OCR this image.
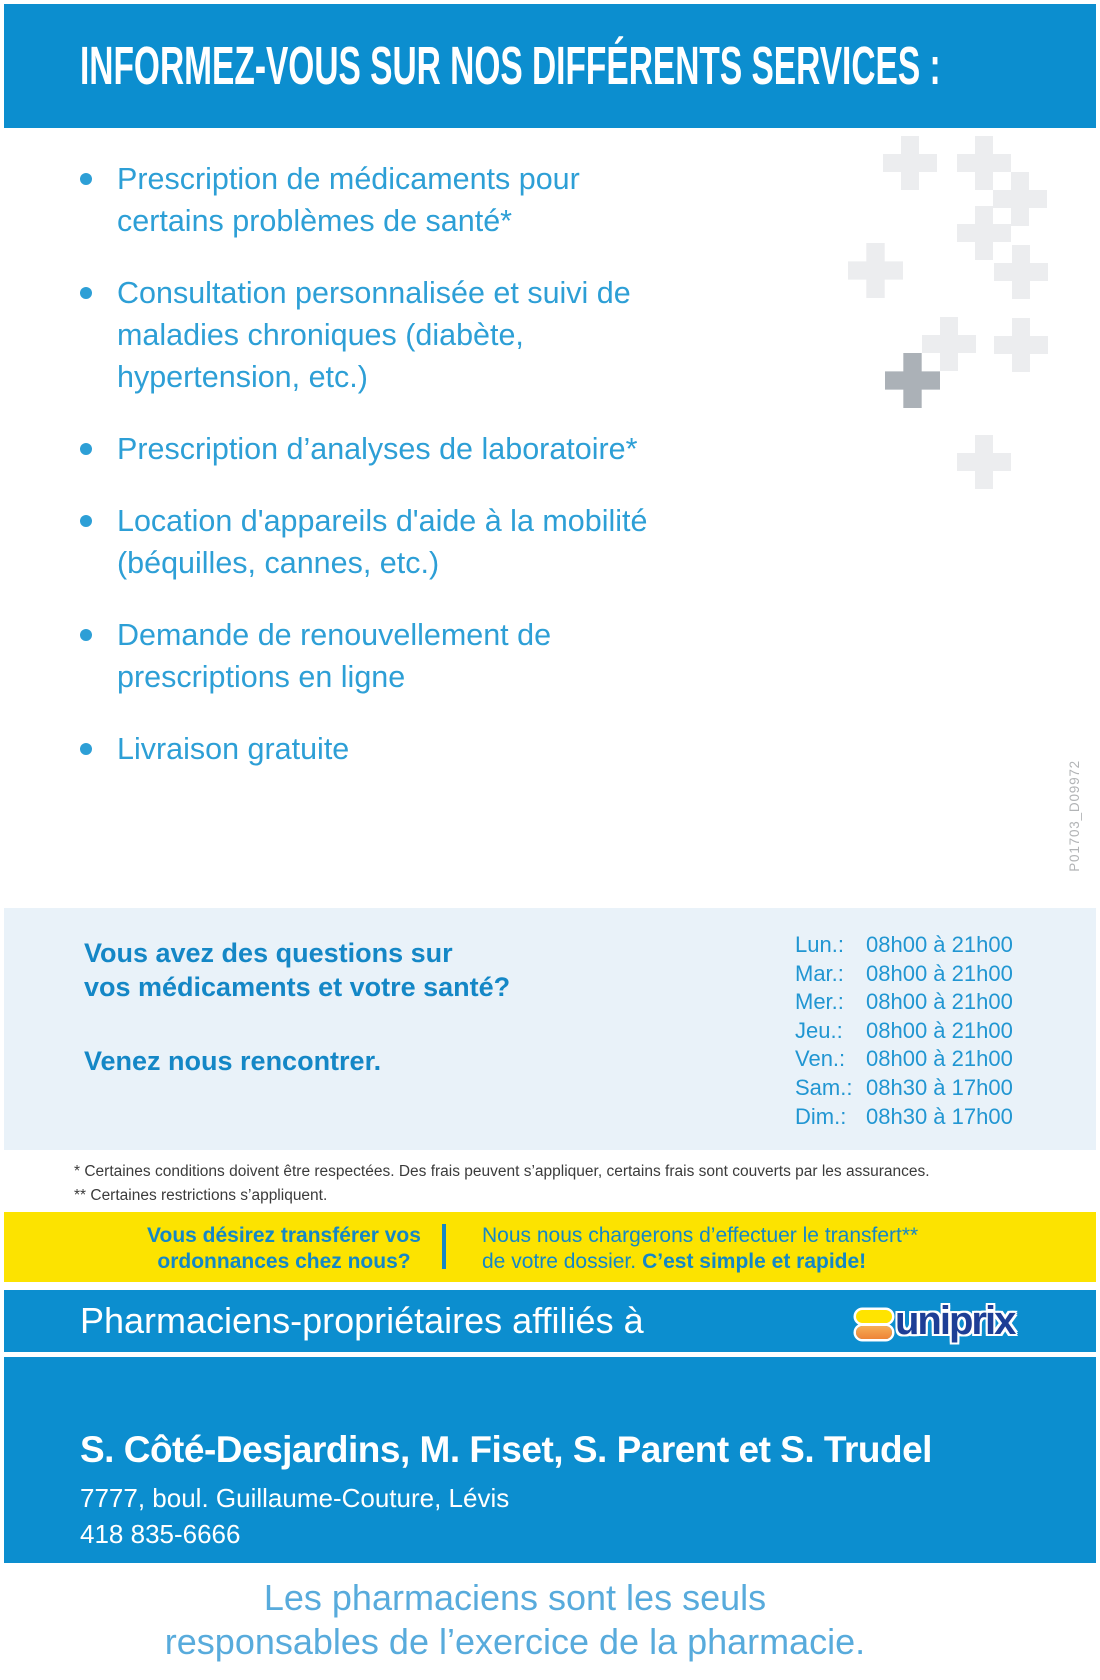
INFORMEZ-VOUS SUR NOS DIFFÉRENTS SERVICES :
Prescription de médicaments pour
certains problèmes de santé*
Consultation personnalisée et suivi de
maladies chroniques (diabète,
hypertension, etc.)
Prescription d’analyses de laboratoire*
Location d'appareils d'aide à la mobilité
(béquilles, cannes, etc.)
Demande de renouvellement de
prescriptions en ligne
Livraison gratuite
P01703_D09972
Vous avez des questions sur
vos médicaments et votre santé?
Venez nous rencontrer.
Lun.: 08h00 à 21h00
Mar.: 08h00 à 21h00
Mer.: 08h00 à 21h00
Jeu.: 08h00 à 21h00
Ven.: 08h00 à 21h00
Sam.: 08h30 à 17h00
Dim.: 08h30 à 17h00
* Certaines conditions doivent être respectées. Des frais peuvent s’appliquer, certains frais sont couverts par les assurances.
** Certaines restrictions s’appliquent.
Vous désirez transférer vos
ordonnances chez nous?
Nous nous chargerons d’effectuer le transfert**
de votre dossier. C’est simple et rapide!
Pharmaciens-propriétaires affiliés à	uniprix
S. Côté-Desjardins, M. Fiset, S. Parent et S. Trudel
7777, boul. Guillaume-Couture, Lévis
418 835-6666
Les pharmaciens sont les seuls
responsables de l’exercice de la pharmacie.
